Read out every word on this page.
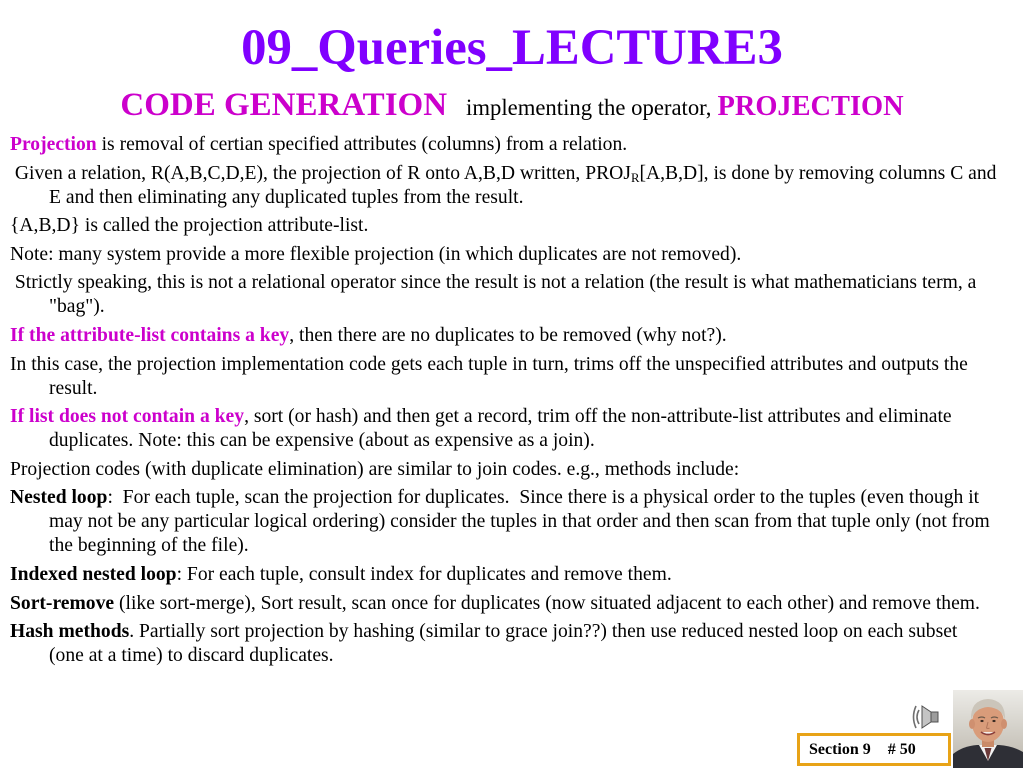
09_Queries_LECTURE3
CODE GENERATION implementing the operator, PROJECTION
Projection is removal of certian specified attributes (columns) from a relation.
Given a relation, R(A,B,C,D,E), the projection of R onto A,B,D written, PROJR[A,B,D], is done by removing columns C and
E and then eliminating any duplicated tuples from the result.
{A,B,D} is called the projection attribute-list.
Note: many system provide a more flexible projection (in which duplicates are not removed).
Strictly speaking, this is not a relational operator since the result is not a relation (the result is what mathematicians term, a
"bag").
If the attribute-list contains a key, then there are no duplicates to be removed (why not?).
In this case, the projection implementation code gets each tuple in turn, trims off the unspecified attributes and outputs the
result.
If list does not contain a key, sort (or hash) and then get a record, trim off the non-attribute-list attributes and eliminate
duplicates. Note: this can be expensive (about as expensive as a join).
Projection codes (with duplicate elimination) are similar to join codes. e.g., methods include:
Nested loop:  For each tuple, scan the projection for duplicates.  Since there is a physical order to the tuples (even though it
may not be any particular logical ordering) consider the tuples in that order and then scan from that tuple only (not from
the beginning of the file).
Indexed nested loop: For each tuple, consult index for duplicates and remove them.
Sort-remove (like sort-merge), Sort result, scan once for duplicates (now situated adjacent to each other) and remove them.
Hash methods. Partially sort projection by hashing (similar to grace join??) then use reduced nested loop on each subset
(one at a time) to discard duplicates.
Section 9 # 50
